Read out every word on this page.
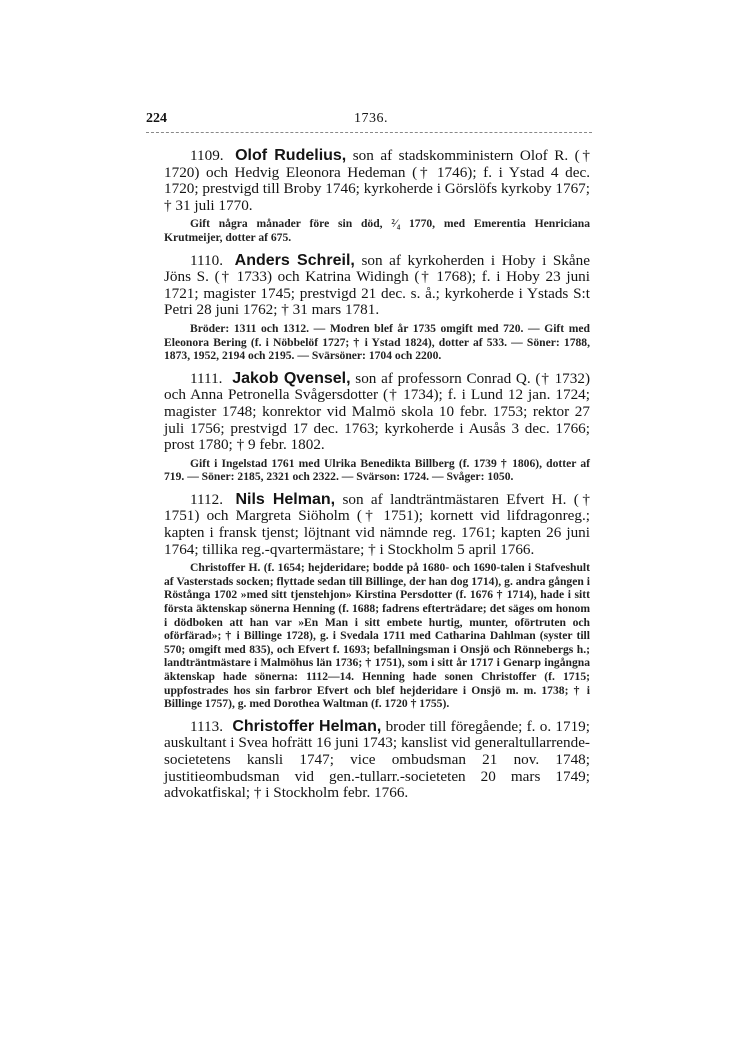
224	1736.

1109. Olof Rudelius, son af stadskomministern Olof R. († 1720) och Hedvig Eleonora Hedeman († 1746); f. i Ystad 4 dec. 1720; prestvigd till Broby 1746; kyrkoherde i Görslöfs kyrkoby 1767; † 31 juli 1770.

Gift några månader före sin död, ²⁄₄ 1770, med Emerentia Henriciana Krutmeijer, dotter af 675.

1110. Anders Schreil, son af kyrkoherden i Hoby i Skåne Jöns S. († 1733) och Katrina Widingh († 1768); f. i Hoby 23 juni 1721; magister 1745; prestvigd 21 dec. s. å.; kyrkoherde i Ystads S:t Petri 28 juni 1762; † 31 mars 1781.

Bröder: 1311 och 1312. — Modren blef år 1735 omgift med 720. — Gift med Eleonora Bering (f. i Nöbbelöf 1727; † i Ystad 1824), dotter af 533. — Söner: 1788, 1873, 1952, 2194 och 2195. — Svärsöner: 1704 och 2200.

1111. Jakob Qvensel, son af professorn Conrad Q. († 1732) och Anna Petronella Svågersdotter († 1734); f. i Lund 12 jan. 1724; magister 1748; konrektor vid Malmö skola 10 febr. 1753; rektor 27 juli 1756; prestvigd 17 dec. 1763; kyrkoherde i Ausås 3 dec. 1766; prost 1780; † 9 febr. 1802.

Gift i Ingelstad 1761 med Ulrika Benedikta Billberg (f. 1739 † 1806), dotter af 719. — Söner: 2185, 2321 och 2322. — Svärson: 1724. — Svåger: 1050.

1112. Nils Helman, son af landträntmästaren Efvert H. († 1751) och Margreta Siöholm († 1751); kornett vid lifdragonreg.; kapten i fransk tjenst; löjtnant vid nämnde reg. 1761; kapten 26 juni 1764; tillika reg.-qvartermästare; † i Stockholm 5 april 1766.

Christoffer H. (f. 1654; hejderidare; bodde på 1680- och 1690-talen i Stafveshult af Vasterstads socken; flyttade sedan till Billinge, der han dog 1714), g. andra gången i Röstånga 1702 »med sitt tjenstehjon» Kirstina Persdotter (f. 1676 † 1714), hade i sitt första äktenskap sönerna Henning (f. 1688; fadrens efterträdare; det säges om honom i dödboken att han var »En Man i sitt embete hurtig, munter, oförtruten och oförfärad»; † i Billinge 1728), g. i Svedala 1711 med Catharina Dahlman (syster till 570; omgift med 835), och Efvert f. 1693; befallningsman i Onsjö och Rönnebergs h.; landträntmästare i Malmöhus län 1736; † 1751), som i sitt år 1717 i Genarp ingångna äktenskap hade sönerna: 1112—14. Henning hade sonen Christoffer (f. 1715; uppfostrades hos sin farbror Efvert och blef hejderidare i Onsjö m. m. 1738; † i Billinge 1757), g. med Dorothea Waltman (f. 1720 † 1755).

1113. Christoffer Helman, broder till föregående; f. o. 1719; auskultant i Svea hofrätt 16 juni 1743; kanslist vid generaltullarrende-societetens kansli 1747; vice ombudsman 21 nov. 1748; justitieombudsman vid gen.-tullarr.-societeten 20 mars 1749; advokatfiskal; † i Stockholm febr. 1766.
